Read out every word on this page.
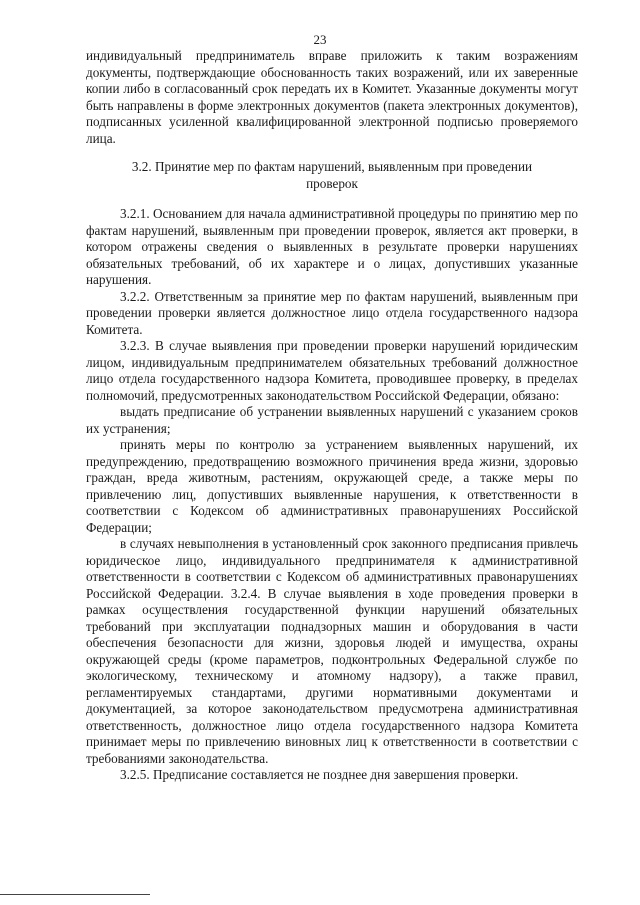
23

индивидуальный предприниматель вправе приложить к таким возражениям документы, подтверждающие обоснованность таких возражений, или их заверенные копии либо в согласованный срок передать их в Комитет. Указанные документы могут быть направлены в форме электронных документов (пакета электронных документов), подписанных усиленной квалифицированной электронной подписью проверяемого лица.

3.2. Принятие мер по фактам нарушений, выявленным при проведении проверок

3.2.1. Основанием для начала административной процедуры по принятию мер по фактам нарушений, выявленным при проведении проверок, является акт проверки, в котором отражены сведения о выявленных в результате проверки нарушениях обязательных требований, об их характере и о лицах, допустивших указанные нарушения.

3.2.2. Ответственным за принятие мер по фактам нарушений, выявленным при проведении проверки является должностное лицо отдела государственного надзора Комитета.

3.2.3. В случае выявления при проведении проверки нарушений юридическим лицом, индивидуальным предпринимателем обязательных требований должностное лицо отдела государственного надзора Комитета, проводившее проверку, в пределах полномочий, предусмотренных законодательством Российской Федерации, обязано:

выдать предписание об устранении выявленных нарушений с указанием сроков их устранения;

принять меры по контролю за устранением выявленных нарушений, их предупреждению, предотвращению возможного причинения вреда жизни, здоровью граждан, вреда животным, растениям, окружающей среде, а также меры по привлечению лиц, допустивших выявленные нарушения, к ответственности в соответствии с Кодексом об административных правонарушениях Российской Федерации;

в случаях невыполнения в установленный срок законного предписания привлечь юридическое лицо, индивидуального предпринимателя к административной ответственности в соответствии с Кодексом об административных правонарушениях Российской Федерации. 3.2.4. В случае выявления в ходе проведения проверки в рамках осуществления государственной функции нарушений обязательных требований при эксплуатации поднадзорных машин и оборудования в части обеспечения безопасности для жизни, здоровья людей и имущества, охраны окружающей среды (кроме параметров, подконтрольных Федеральной службе по экологическому, техническому и атомному надзору), а также правил, регламентируемых стандартами, другими нормативными документами и документацией, за которое законодательством предусмотрена административная ответственность, должностное лицо отдела государственного надзора Комитета принимает меры по привлечению виновных лиц к ответственности в соответствии с требованиями законодательства.

3.2.5. Предписание составляется не позднее дня завершения проверки.
